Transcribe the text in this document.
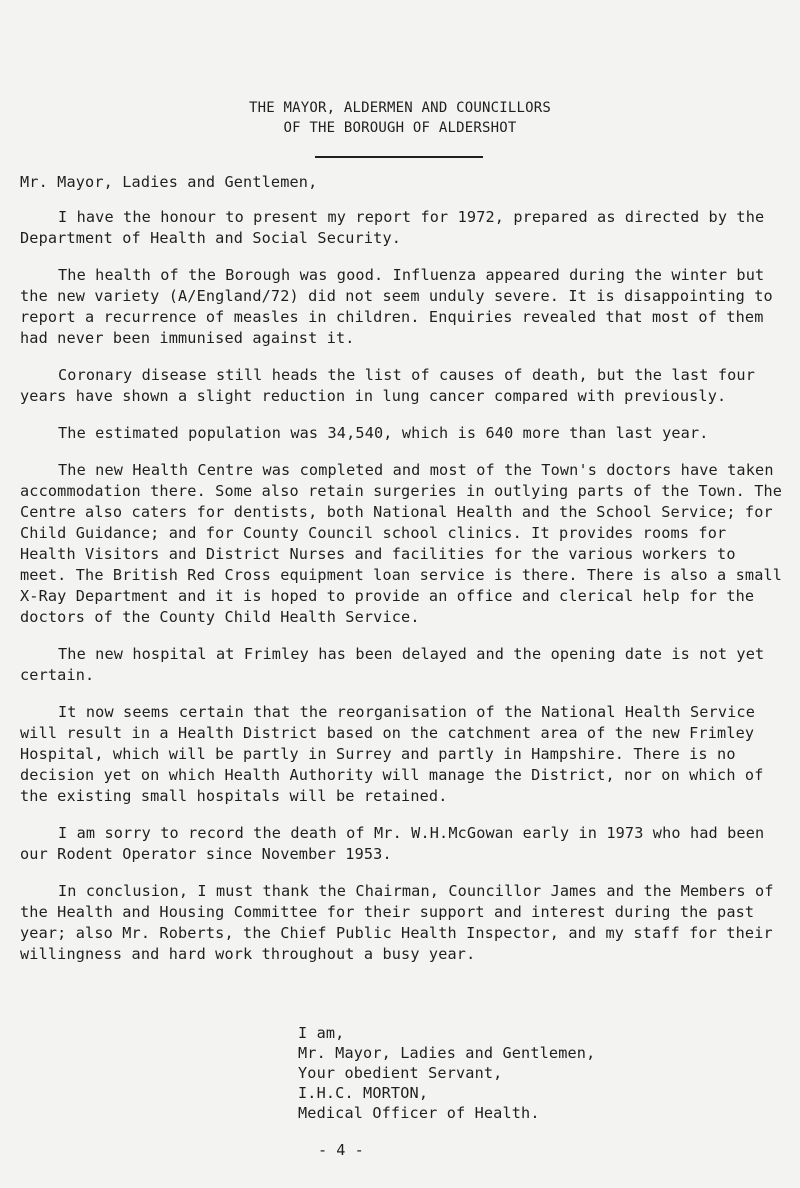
THE MAYOR, ALDERMEN AND COUNCILLORS
OF THE BOROUGH OF ALDERSHOT

Mr. Mayor, Ladies and Gentlemen,

I have the honour to present my report for 1972, prepared as directed by the Department of Health and Social Security.

The health of the Borough was good. Influenza appeared during the winter but the new variety (A/England/72) did not seem unduly severe. It is disappointing to report a recurrence of measles in children. Enquiries revealed that most of them had never been immunised against it.

Coronary disease still heads the list of causes of death, but the last four years have shown a slight reduction in lung cancer compared with previously.

The estimated population was 34,540, which is 640 more than last year.

The new Health Centre was completed and most of the Town's doctors have taken accommodation there. Some also retain surgeries in outlying parts of the Town. The Centre also caters for dentists, both National Health and the School Service; for Child Guidance; and for County Council school clinics. It provides rooms for Health Visitors and District Nurses and facilities for the various workers to meet. The British Red Cross equipment loan service is there. There is also a small X-Ray Department and it is hoped to provide an office and clerical help for the doctors of the County Child Health Service.

The new hospital at Frimley has been delayed and the opening date is not yet certain.

It now seems certain that the reorganisation of the National Health Service will result in a Health District based on the catchment area of the new Frimley Hospital, which will be partly in Surrey and partly in Hampshire. There is no decision yet on which Health Authority will manage the District, nor on which of the existing small hospitals will be retained.

I am sorry to record the death of Mr. W.H.McGowan early in 1973 who had been our Rodent Operator since November 1953.

In conclusion, I must thank the Chairman, Councillor James and the Members of the Health and Housing Committee for their support and interest during the past year; also Mr. Roberts, the Chief Public Health Inspector, and my staff for their willingness and hard work throughout a busy year.

I am,
Mr. Mayor, Ladies and Gentlemen,
Your obedient Servant,
I.H.C. MORTON,
Medical Officer of Health.
- 4 -
